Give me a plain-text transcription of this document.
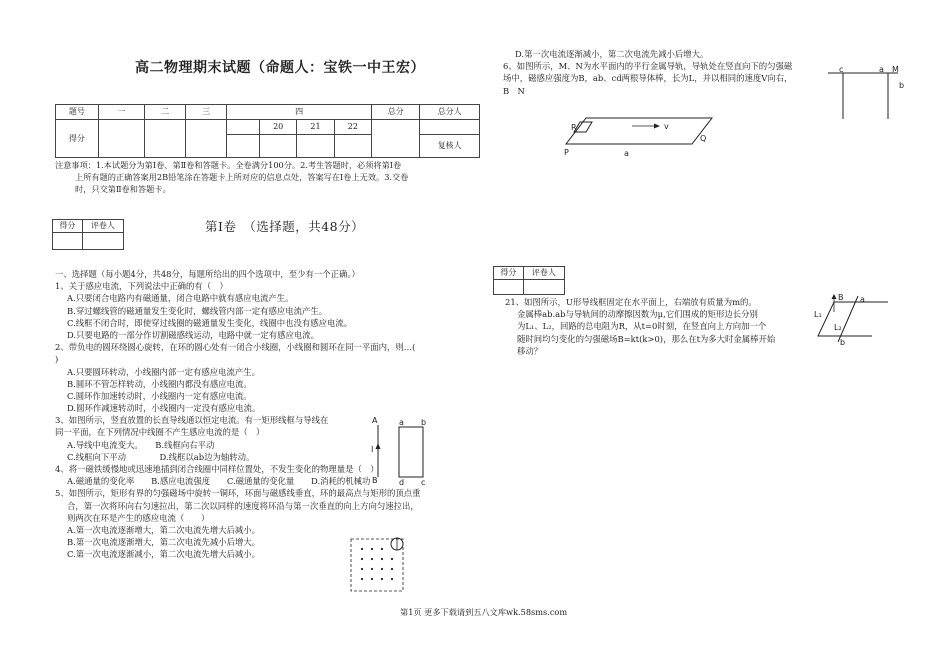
高二物理期末试题（命题人：宝铁一中王宏）
题号	一	二	三	四				总分	总分人
得分					20	21	22		
									复核人
注意事项：1.本试题分为第Ⅰ卷、第Ⅱ卷和答题卡。全卷满分100分。2.考生答题时，必须将第Ⅰ卷
上所有题的正确答案用2B铅笔涂在答题卡上所对应的信息点处，答案写在Ⅰ卷上无效。3.交卷
时，只交第Ⅱ卷和答题卡。
得分	评卷人
		第Ⅰ卷　（选择题，共48分）

一、选择题（每小题4分，共48分，每题所给出的四个选项中，至少有一个正确。）

1、关于感应电流，下列说法中正确的有（　）

A.只要闭合电路内有磁通量，闭合电路中就有感应电流产生。

B.穿过螺线管的磁通量发生变化时，螺线管内部一定有感应电流产生。

C.线框不闭合时，即使穿过线圈的磁通量发生变化，线圈中也没有感应电流。

D.只要电路的一部分作切割磁感线运动，电路中就一定有感应电流。

2、带负电的圆环绕圆心旋转，在环的圆心处有一闭合小线圈，小线圈和圆环在同一平面内，则…(

)

A.只要圆环转动，小线圈内部一定有感应电流产生。

B.圆环不管怎样转动，小线圈内都没有感应电流。

C.圆环作加速转动时，小线圈内一定有感应电流。

D.圆环作减速转动时，小线圈内一定没有感应电流。

3、如图所示，竖直放置的长直导线通以恒定电流。有一矩形线框与导线在

同一平面，在下列情况中线圈不产生感应电流的是（　）

A.导线中电流变大。　　B.线框向右平动

C.线框向下平动　　　　D.线框以ab边为轴转动。

4、将一磁铁缓慢地或迅速地插到闭合线圈中同样位置处，不发生变化的物理量是（　）

A.磁通量的变化率　　B.感应电流强度　　C.磁通量的变化量　　D.消耗的机械功

5、如图所示，矩形有界的匀强磁场中旋转一铜环，环面与磁感线垂直，环的最高点与矩形的顶点重

合，第一次将环向右匀速拉出，第二次以同样的速度将环沿与第一次垂直的向上方向匀速拉出，

则两次在环是产生的感应电流（　　）

A.第一次电流逐渐增大，第二次电流先增大后减小。

B.第一次电流逐渐增大，第二次电流先减小后增大。

C.第一次电流逐渐减小，第二次电流先增大后减小。

A
I
B
a b
c
d

D.第一次电流逐渐减小，第二次电流先减小后增大。

6、如图所示，M、N为水平面内的平行金属导轨，导轨处在竖直向下的匀强磁

场中，磁感应强度为B，ab、cd两根导体棒，长为L，并以相同的速度V向右，

B　N

c	a M
b
R	v
Q
P	a
得分	评卷人

21、如图所示，U形导线框固定在水平面上，右端放有质量为m的。

金属棒ab.ab与导轨间的动摩擦因数为μ,它们围成的矩形边长分别

为L₁、L₂，回路的总电阻为R，从t=0时刻，在竖直向上方向加一个

随时间均匀变化的匀强磁场B=kt(k>0)，那么在t为多大时金属棒开始

移动？

B a
L₁
L₂
b
第1页 更多下载请到五八文库wk.58sms.com
